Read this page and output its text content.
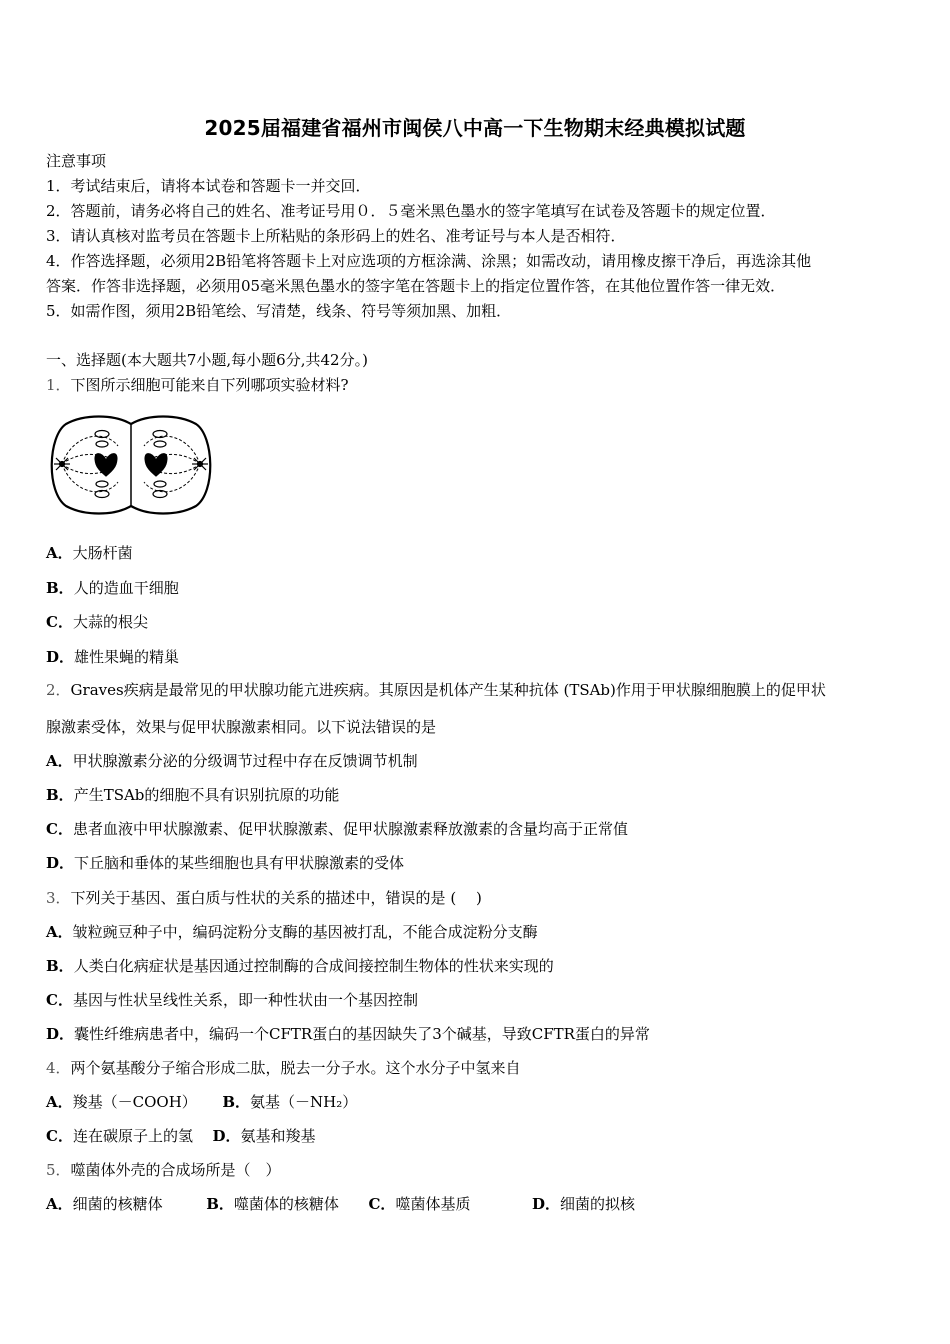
2025届福建省福州市闽侯八中高一下生物期末经典模拟试题
注意事项
1．考试结束后，请将本试卷和答题卡一并交回．
2．答题前，请务必将自己的姓名、准考证号用０．５毫米黑色墨水的签字笔填写在试卷及答题卡的规定位置．
3．请认真核对监考员在答题卡上所粘贴的条形码上的姓名、准考证号与本人是否相符．
4．作答选择题，必须用2B铅笔将答题卡上对应选项的方框涂满、涂黑；如需改动，请用橡皮擦干净后，再选涂其他
答案．作答非选择题，必须用05毫米黑色墨水的签字笔在答题卡上的指定位置作答，在其他位置作答一律无效．
5．如需作图，须用2B铅笔绘、写清楚，线条、符号等须加黑、加粗．
一、选择题(本大题共7小题,每小题6分,共42分。)
1．下图所示细胞可能来自下列哪项实验材料?
A．大肠杆菌
B．人的造血干细胞
C．大蒜的根尖
D．雄性果蝇的精巢
2．Graves疾病是最常见的甲状腺功能亢进疾病。其原因是机体产生某种抗体 (TSAb)作用于甲状腺细胞膜上的促甲状
腺激素受体，效果与促甲状腺激素相同。以下说法错误的是
A．甲状腺激素分泌的分级调节过程中存在反馈调节机制
B．产生TSAb的细胞不具有识别抗原的功能
C．患者血液中甲状腺激素、促甲状腺激素、促甲状腺激素释放激素的含量均高于正常值
D．下丘脑和垂体的某些细胞也具有甲状腺激素的受体
3．下列关于基因、蛋白质与性状的关系的描述中，错误的是 (　 )
A．皱粒豌豆种子中，编码淀粉分支酶的基因被打乱，不能合成淀粉分支酶
B．人类白化病症状是基因通过控制酶的合成间接控制生物体的性状来实现的
C．基因与性状呈线性关系，即一种性状由一个基因控制
D．囊性纤维病患者中，编码一个CFTR蛋白的基因缺失了3个碱基，导致CFTR蛋白的异常
4．两个氨基酸分子缩合形成二肽，脱去一分子水。这个水分子中氢来自
A．羧基（－COOH） B．氨基（－NH₂）
C．连在碳原子上的氢 D．氨基和羧基
5．噬菌体外壳的合成场所是（　）
A．细菌的核糖体	B．噬菌体的核糖体 C．噬菌体基质	D．细菌的拟核
